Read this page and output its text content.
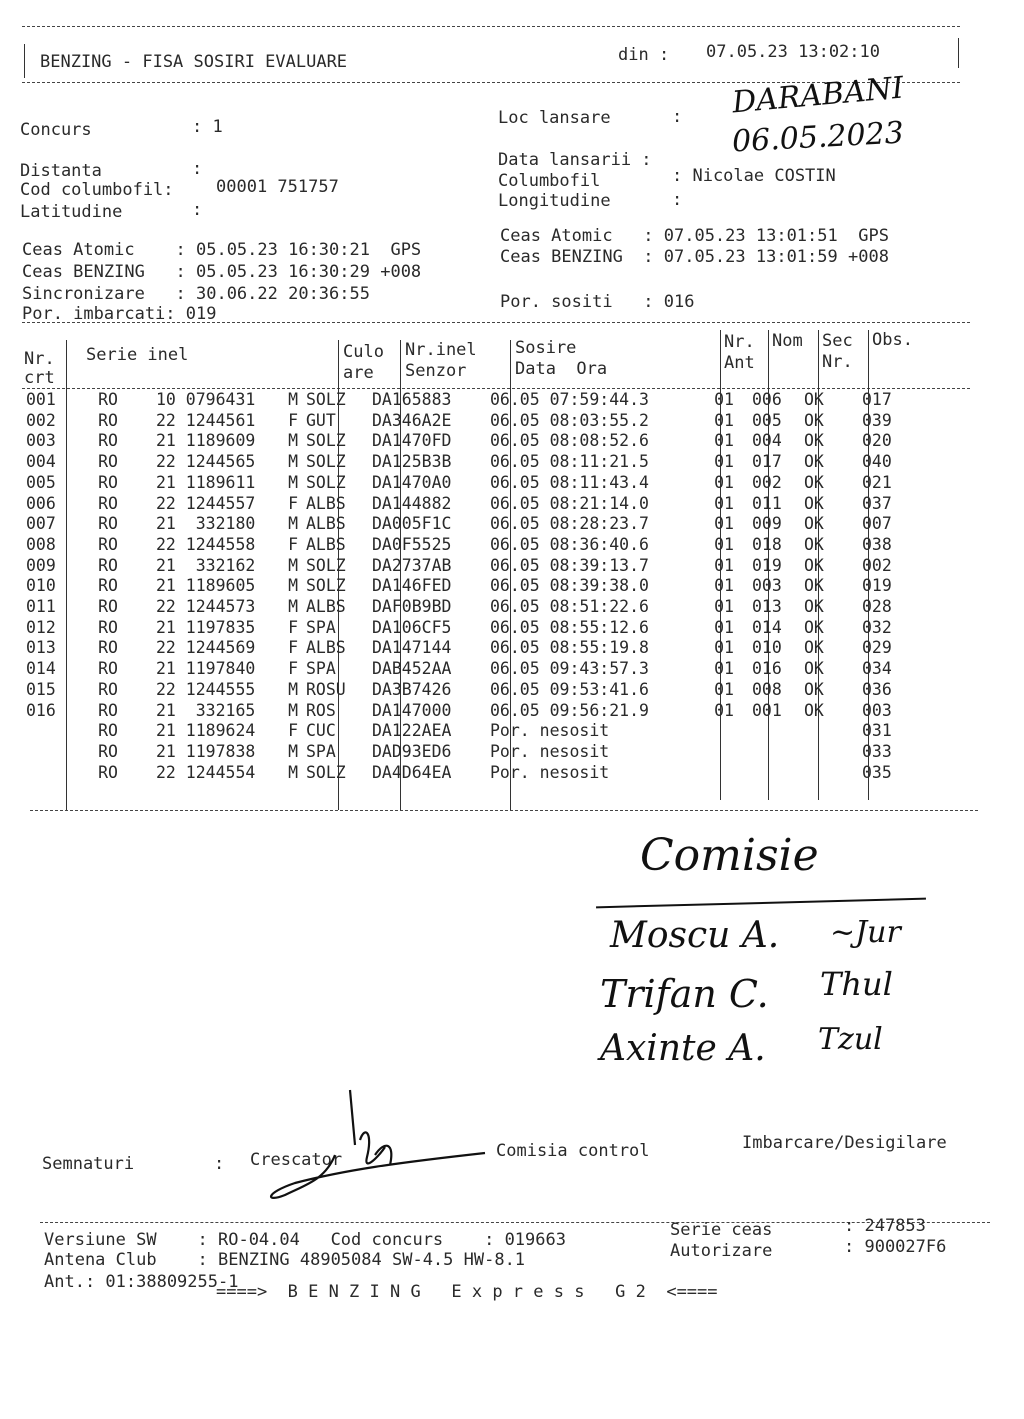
BENZING - FISA SOSIRI EVALUARE	din : 07.05.23 13:02:10
Concurs	: 1
Distanta	:
Cod columbofil: 00001 751757
Latitudine	:
Loc lansare	: DARABANI
Data lansarii :
06.05.2023
Columbofil	: Nicolae COSTIN
Longitudine	:
Ceas Atomic    : 05.05.23 16:30:21  GPS
Ceas BENZING   : 05.05.23 16:30:29 +008
Sincronizare   : 30.06.22 20:36:55
Por. imbarcati: 019
Ceas Atomic   : 07.05.23 13:01:51  GPS
Ceas BENZING  : 07.05.23 13:01:59 +008
Por. sositi   : 016
Nr.
crt
Serie inel	Culo
are
Nr.inel
Senzor
Sosire
Data  Ora
Nr.
Ant
Nom Sec
Nr.
Obs.
001	RO	10 0796431	M	SOLZ	DA165883	06.05 07:59:44.3	01	006	OK	017
002	RO	22 1244561	F	GUT	DA346A2E	06.05 08:03:55.2	01	005	OK	039
003	RO	21 1189609	M	SOLZ	DA1470FD	06.05 08:08:52.6	01	004	OK	020
004	RO	22 1244565	M	SOLZ	DA125B3B	06.05 08:11:21.5	01	017	OK	040
005	RO	21 1189611	M	SOLZ	DA1470A0	06.05 08:11:43.4	01	002	OK	021
006	RO	22 1244557	F	ALBS	DA144882	06.05 08:21:14.0	01	011	OK	037
007	RO	21  332180	M	ALBS	DA005F1C	06.05 08:28:23.7	01	009	OK	007
008	RO	22 1244558	F	ALBS	DA0F5525	06.05 08:36:40.6	01	018	OK	038
009	RO	21  332162	M	SOLZ	DA2737AB	06.05 08:39:13.7	01	019	OK	002
010	RO	21 1189605	M	SOLZ	DA146FED	06.05 08:39:38.0	01	003	OK	019
011	RO	22 1244573	M	ALBS	DAF0B9BD	06.05 08:51:22.6	01	013	OK	028
012	RO	21 1197835	F	SPA	DA106CF5	06.05 08:55:12.6	01	014	OK	032
013	RO	22 1244569	F	ALBS	DA147144	06.05 08:55:19.8	01	010	OK	029
014	RO	21 1197840	F	SPA	DAB452AA	06.05 09:43:57.3	01	016	OK	034
015	RO	22 1244555	M	ROSU	DA3B7426	06.05 09:53:41.6	01	008	OK	036
016	RO	21  332165	M	ROS	DA147000	06.05 09:56:21.9	01	001	OK	003
	RO	21 1189624	F	CUC	DA122AEA	Por. nesosit				031
	RO	21 1197838	M	SPA	DAD93ED6	Por. nesosit				033
	RO	22 1244554	M	SOLZ	DA4D64EA	Por. nesosit				035
Comisie
Moscu A. ~Jur
Trifan C. Thul
Axinte A. Tzul
Semnaturi	: Crescator	Comisia control	Imbarcare/Desigilare
Versiune SW    : RO-04.04   Cod concurs    : 019663
Antena Club    : BENZING 48905084 SW-4.5 HW-8.1
Ant.: 01:38809255-1
Serie ceas	: 247853
Autorizare	: 900027F6
====>  B E N Z I N G   E x p r e s s   G 2  <====
